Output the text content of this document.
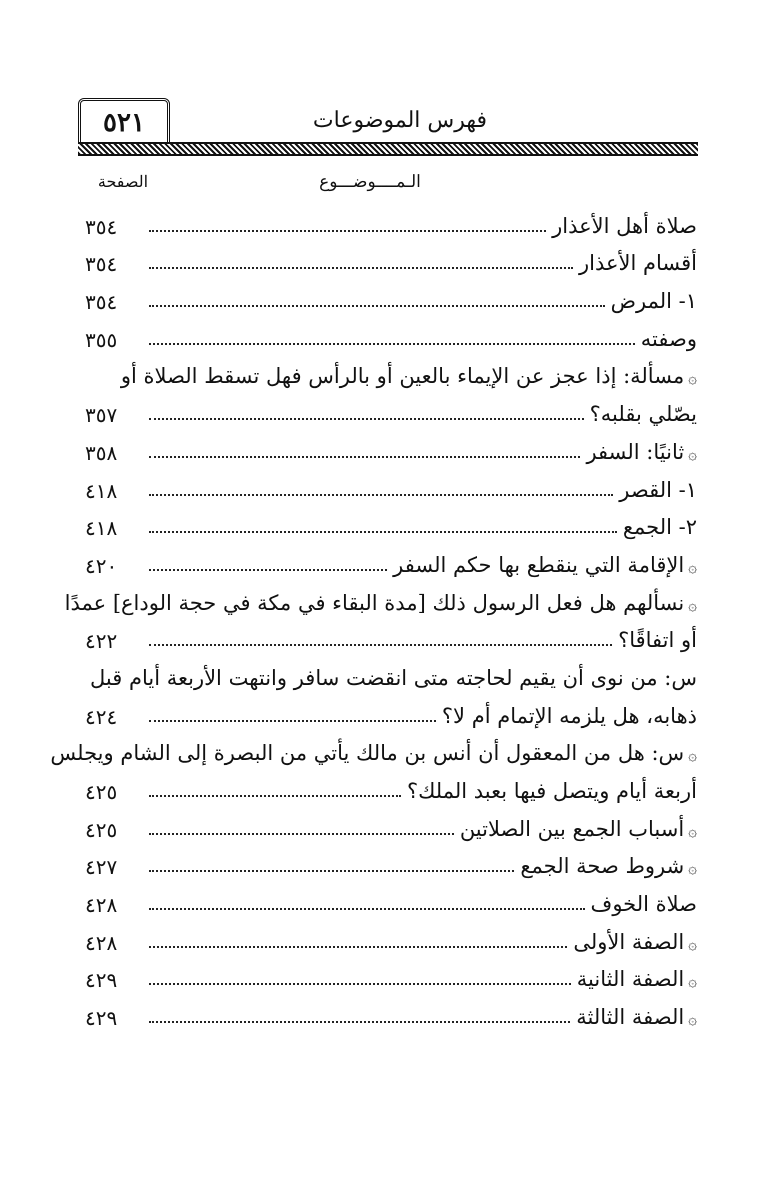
٥٢١	فهرس الموضوعات
الـمــــوضـــوع
الصفحة
صلاة أهل الأعذار
٣٥٤
أقسام الأعذار
٣٥٤
١- المرض
٣٥٤
وصفته
٣٥٥
۞مسألة: إذا عجز عن الإيماء بالعين أو بالرأس فهل تسقط الصلاة أو
يصّلي بقلبه؟
٣٥٧
۞ثانيًا: السفر
٣٥٨
١- القصر
٤١٨
٢- الجمع
٤١٨
۞الإقامة التي ينقطع بها حكم السفر
٤٢٠
۞نسألهم هل فعل الرسول ذلك [مدة البقاء في مكة في حجة الوداع] عمدًا
أو اتفاقًا؟
٤٢٢
س: من نوى أن يقيم لحاجته متى انقضت سافر وانتهت الأربعة أيام قبل
ذهابه، هل يلزمه الإتمام أم لا؟
٤٢٤
۞س: هل من المعقول أن أنس بن مالك يأتي من البصرة إلى الشام ويجلس
أربعة أيام ويتصل فيها بعبد الملك؟
٤٢٥
۞أسباب الجمع بين الصلاتين
٤٢٥
۞شروط صحة الجمع
٤٢٧
صلاة الخوف
٤٢٨
۞الصفة الأولى
٤٢٨
۞الصفة الثانية
٤٢٩
۞الصفة الثالثة
٤٢٩
